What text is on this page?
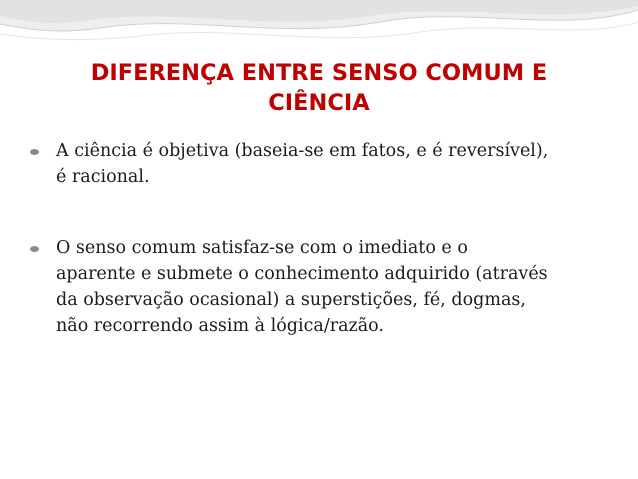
DIFERENÇA ENTRE SENSO COMUM E
CIÊNCIA
A ciência é objetiva (baseia-se em fatos, e é reversível),
é racional.
O senso comum satisfaz-se com o imediato e o
aparente e submete o conhecimento adquirido (através
da observação ocasional) a superstições, fé, dogmas,
não recorrendo assim à lógica/razão.
